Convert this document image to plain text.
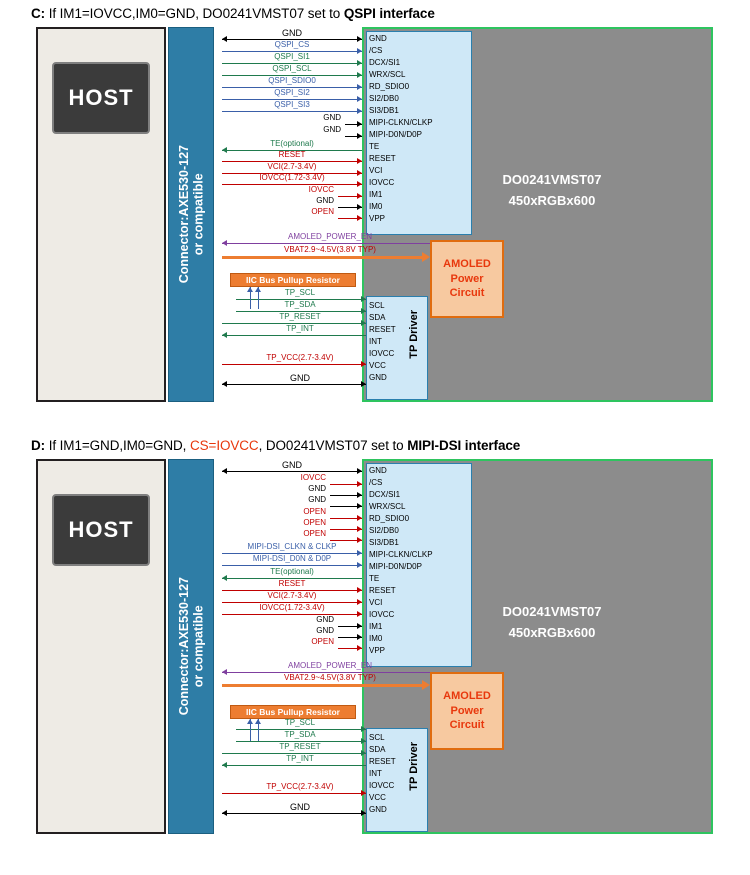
C: If IM1=IOVCC,IM0=GND, DO0241VMST07 set to QSPI interface
HOST
Connector:AXE530-127
or compatible	DO0241VMST07
450xRGBx600
GND
/CS
DCX/SI1
WRX/SCL
RD_SDIO0
SI2/DB0
SI3/DB1
MIPI-CLKN/CLKP
MIPI-D0N/D0P
TE
RESET
VCI
IOVCC
IM1
IM0
VPP
SCL
SDA
RESET
INT
IOVCC
VCC
GND
TP Driver
AMOLED
Power
Circuit
IIC Bus Pullup Resistor
GND
QSPI_CS
QSPI_SI1
QSPI_SCL
QSPI_SDIO0
QSPI_SI2
QSPI_SI3
GND
GND
TE(optional)
RESET
VCI(2.7-3.4V)
IOVCC(1.72-3.4V)
IOVCC
GND
OPEN
AMOLED_POWER_EN
VBAT2.9~4.5V(3.8V TYP)
TP_SCL
TP_SDA
TP_RESET
TP_INT
TP_VCC(2.7-3.4V)
GND
D: If IM1=GND,IM0=GND, CS=IOVCC, DO0241VMST07 set to MIPI-DSI interface
HOST
Connector:AXE530-127
or compatible	DO0241VMST07
450xRGBx600
GND
/CS
DCX/SI1
WRX/SCL
RD_SDIO0
SI2/DB0
SI3/DB1
MIPI-CLKN/CLKP
MIPI-D0N/D0P
TE
RESET
VCI
IOVCC
IM1
IM0
VPP
SCL
SDA
RESET
INT
IOVCC
VCC
GND
TP Driver
AMOLED
Power
Circuit
IIC Bus Pullup Resistor
GND
IOVCC
GND
GND
OPEN
OPEN
OPEN
MIPI-DSI_CLKN & CLKP
MIPI-DSI_D0N & D0P
TE(optional)
RESET
VCI(2.7-3.4V)
IOVCC(1.72-3.4V)
GND
GND
OPEN
AMOLED_POWER_EN
VBAT2.9~4.5V(3.8V TYP)
TP_SCL
TP_SDA
TP_RESET
TP_INT
TP_VCC(2.7-3.4V)
GND
